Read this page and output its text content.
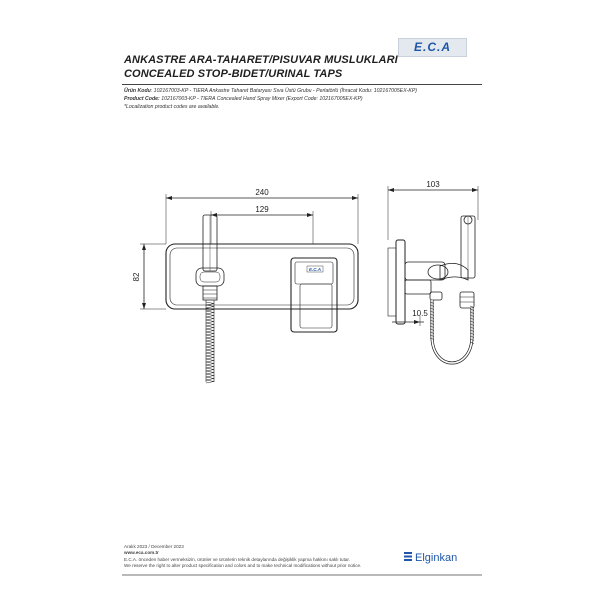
ANKASTRE ARA-TAHARET/PISUVAR MUSLUKLARI
CONCEALED STOP-BIDET/URINAL TAPS
E.C.A
Ürün Kodu: 102167003-KP - TIERA Ankastre Taharet Bataryası Sıva Üstü Grubu - Perlatörlü (İhracat Kodu: 102167005EX-KP)
Product Code: 102167003-KP - TIERA Concealed Hand Spray Mixer (Export Code: 102167005EX-KP)
*Localization product codes are available.
E.C.A
240
129
82
103
10.5
Aralık 2023 / December 2023
www.eca.com.tr
E.C.A. önceden haber vermeksizin, ürünler ve ürünlerin teknik detaylarında değişiklik yapma hakkını saklı tutar.
We reserve the right to alter product specification and colors and to make technical modifications without prior notice.
Elginkan
